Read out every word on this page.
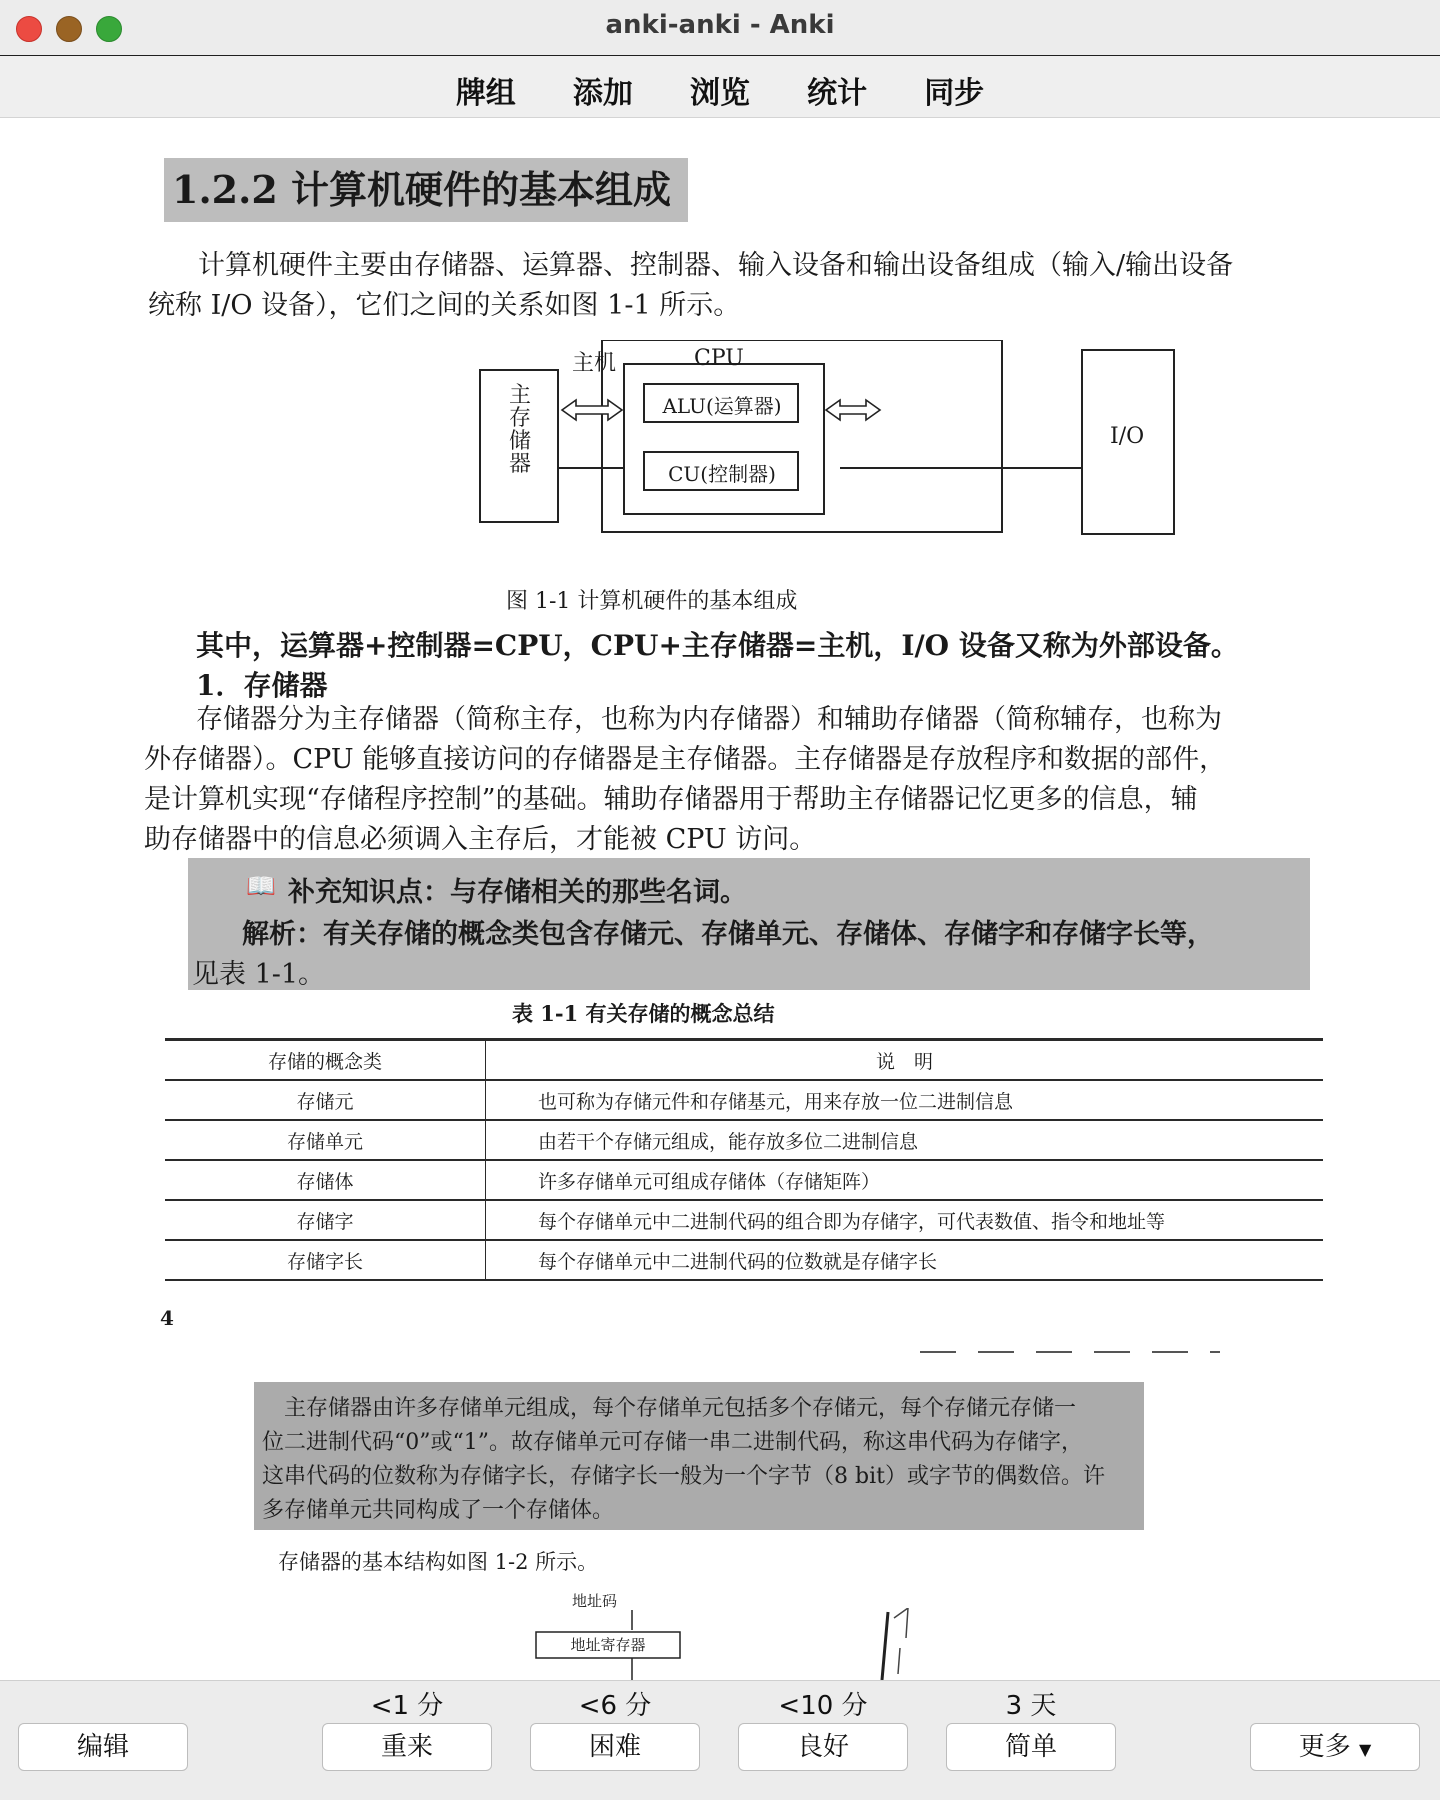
anki-anki - Anki
牌组 添加 浏览 统计 同步
1.2.2 计算机硬件的基本组成
计算机硬件主要由存储器、运算器、控制器、输入设备和输出设备组成（输入/输出设备
统称 I/O 设备），它们之间的关系如图 1-1 所示。
主机
主
存
储
器
CPU
ALU(运算器)
CU(控制器)
I/O
图 1-1 计算机硬件的基本组成
其中，运算器+控制器=CPU，CPU+主存储器=主机，I/O 设备又称为外部设备。
1．存储器
存储器分为主存储器（简称主存，也称为内存储器）和辅助存储器（简称辅存，也称为
外存储器）。CPU 能够直接访问的存储器是主存储器。主存储器是存放程序和数据的部件，
是计算机实现“存储程序控制”的基础。辅助存储器用于帮助主存储器记忆更多的信息，辅
助存储器中的信息必须调入主存后，才能被 CPU 访问。
📖 补充知识点：与存储相关的那些名词。
解析：有关存储的概念类包含存储元、存储单元、存储体、存储字和存储字长等，
见表 1-1。
表 1-1 有关存储的概念总结
存储的概念类	说　明
存储元	也可称为存储元件和存储基元，用来存放一位二进制信息
存储单元	由若干个存储元组成，能存放多位二进制信息
存储体	许多存储单元可组成存储体（存储矩阵）
存储字	每个存储单元中二进制代码的组合即为存储字，可代表数值、指令和地址等
存储字长	每个存储单元中二进制代码的位数就是存储字长
4
　主存储器由许多存储单元组成，每个存储单元包括多个存储元，每个存储元存储一
位二进制代码“0”或“1”。故存储单元可存储一串二进制代码，称这串代码为存储字，
这串代码的位数称为存储字长，存储字长一般为一个字节（8 bit）或字节的偶数倍。许
多存储单元共同构成了一个存储体。
存储器的基本结构如图 1-2 所示。
地址码
地址寄存器
编辑
<1 分
重来
<6 分
困难
<10 分
良好
3 天
简单	更多 ▼
